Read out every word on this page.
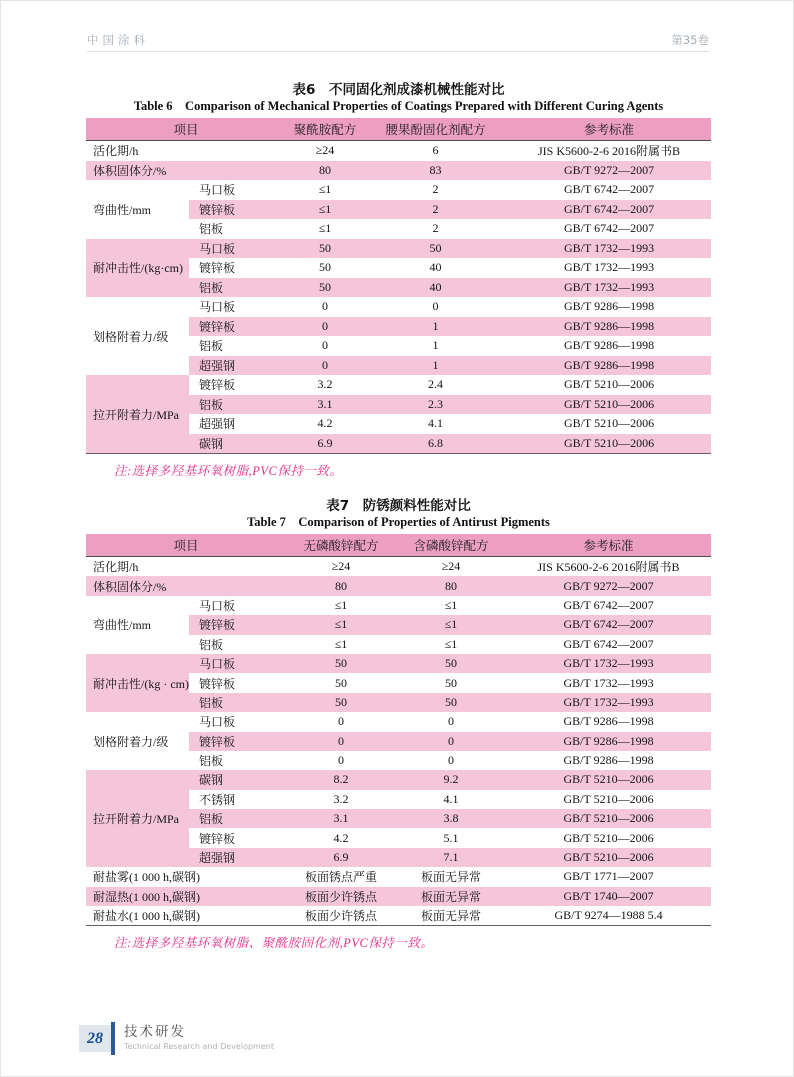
中国涂料	第35卷
表6　不同固化剂成漆机械性能对比
Table 6　Comparison of Mechanical Properties of Coatings Prepared with Different Curing Agents
项目		聚酰胺配方	腰果酚固化剂配方	参考标准
活化期/h		≥24	6	JIS K5600-2-6 2016附属书B
体积固体分/%		80	83	GB/T 9272—2007
弯曲性/mm	马口板	≤1	2	GB/T 6742—2007
	镀锌板	≤1	2	GB/T 6742—2007
	铝板	≤1	2	GB/T 6742—2007
耐冲击性/(kg·cm)	马口板	50	50	GB/T 1732—1993
	镀锌板	50	40	GB/T 1732—1993
	铝板	50	40	GB/T 1732—1993
划格附着力/级	马口板	0	0	GB/T 9286—1998
	镀锌板	0	1	GB/T 9286—1998
	铝板	0	1	GB/T 9286—1998
	超强钢	0	1	GB/T 9286—1998
拉开附着力/MPa	镀锌板	3.2	2.4	GB/T 5210—2006
	铝板	3.1	2.3	GB/T 5210—2006
	超强钢	4.2	4.1	GB/T 5210—2006
	碳钢	6.9	6.8	GB/T 5210—2006
注:选择多羟基环氧树脂,PVC保持一致。
表7　防锈颜料性能对比
Table 7　Comparison of Properties of Antirust Pigments
项目		无磷酸锌配方	含磷酸锌配方	参考标准
活化期/h		≥24	≥24	JIS K5600-2-6 2016附属书B
体积固体分/%		80	80	GB/T 9272—2007
弯曲性/mm	马口板	≤1	≤1	GB/T 6742—2007
	镀锌板	≤1	≤1	GB/T 6742—2007
	铝板	≤1	≤1	GB/T 6742—2007
耐冲击性/(kg · cm)	马口板	50	50	GB/T 1732—1993
	镀锌板	50	50	GB/T 1732—1993
	铝板	50	50	GB/T 1732—1993
划格附着力/级	马口板	0	0	GB/T 9286—1998
	镀锌板	0	0	GB/T 9286—1998
	铝板	0	0	GB/T 9286—1998
拉开附着力/MPa	碳钢	8.2	9.2	GB/T 5210—2006
	不锈钢	3.2	4.1	GB/T 5210—2006
	铝板	3.1	3.8	GB/T 5210—2006
	镀锌板	4.2	5.1	GB/T 5210—2006
	超强钢	6.9	7.1	GB/T 5210—2006
耐盐雾(1 000 h,碳钢)		板面锈点严重	板面无异常	GB/T 1771—2007
耐湿热(1 000 h,碳钢)		板面少许锈点	板面无异常	GB/T 1740—2007
耐盐水(1 000 h,碳钢)		板面少许锈点	板面无异常	GB/T 9274—1988 5.4
注:选择多羟基环氧树脂、聚酰胺固化剂,PVC保持一致。
28 技术研发
Technical Research and Development
